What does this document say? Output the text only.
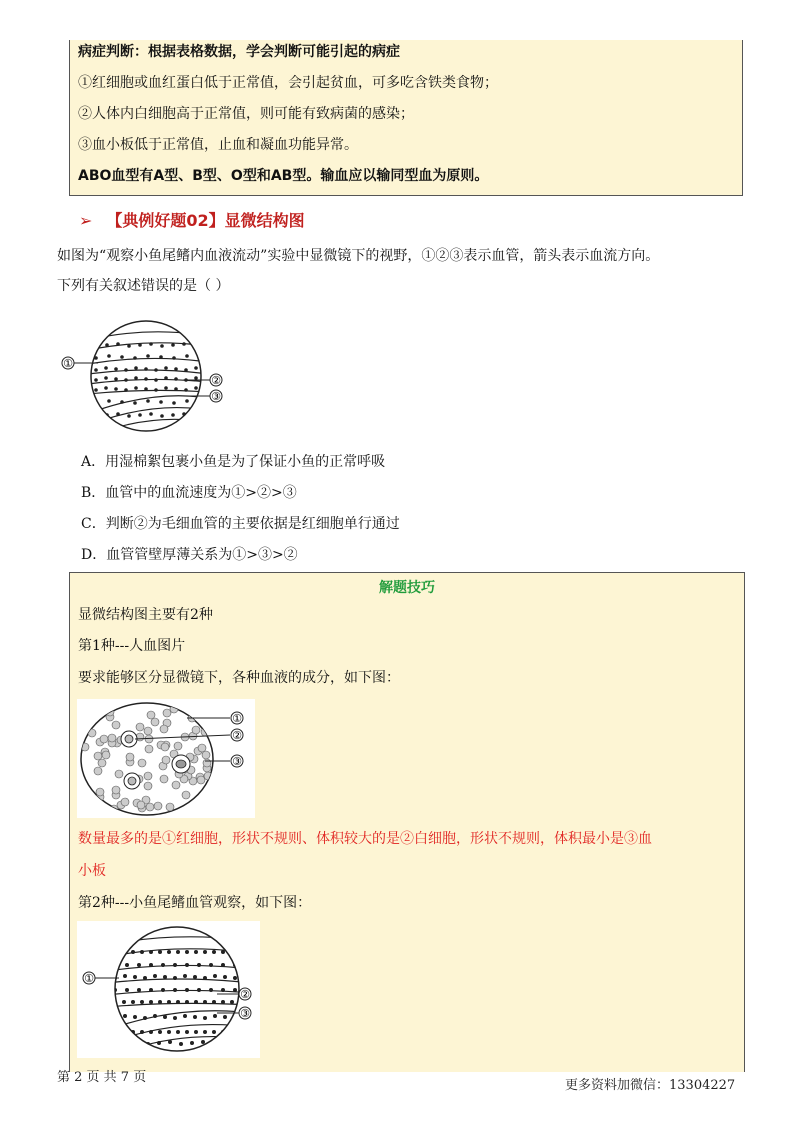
病症判断：根据表格数据，学会判断可能引起的病症
①红细胞或血红蛋白低于正常值，会引起贫血，可多吃含铁类食物；
②人体内白细胞高于正常值，则可能有致病菌的感染；
③血小板低于正常值，止血和凝血功能异常。
ABO血型有A型、B型、O型和AB型。输血应以输同型血为原则。
➢ 【典例好题02】显微结构图
如图为“观察小鱼尾鳍内血液流动”实验中显微镜下的视野，①②③表示血管，箭头表示血流方向。
下列有关叙述错误的是（ ）
①
②
③
A．用湿棉絮包裹小鱼是为了保证小鱼的正常呼吸
B．血管中的血流速度为①>②>③
C．判断②为毛细血管的主要依据是红细胞单行通过
D．血管管壁厚薄关系为①>③>②
解题技巧
显微结构图主要有2种
第1种---人血图片
要求能够区分显微镜下，各种血液的成分，如下图：
①
②
③
数量最多的是①红细胞，形状不规则、体积较大的是②白细胞，形状不规则，体积最小是③血
小板
第2种---小鱼尾鳍血管观察，如下图：
①
②
③
第 2 页 共 7 页
更多资料加微信：13304227
